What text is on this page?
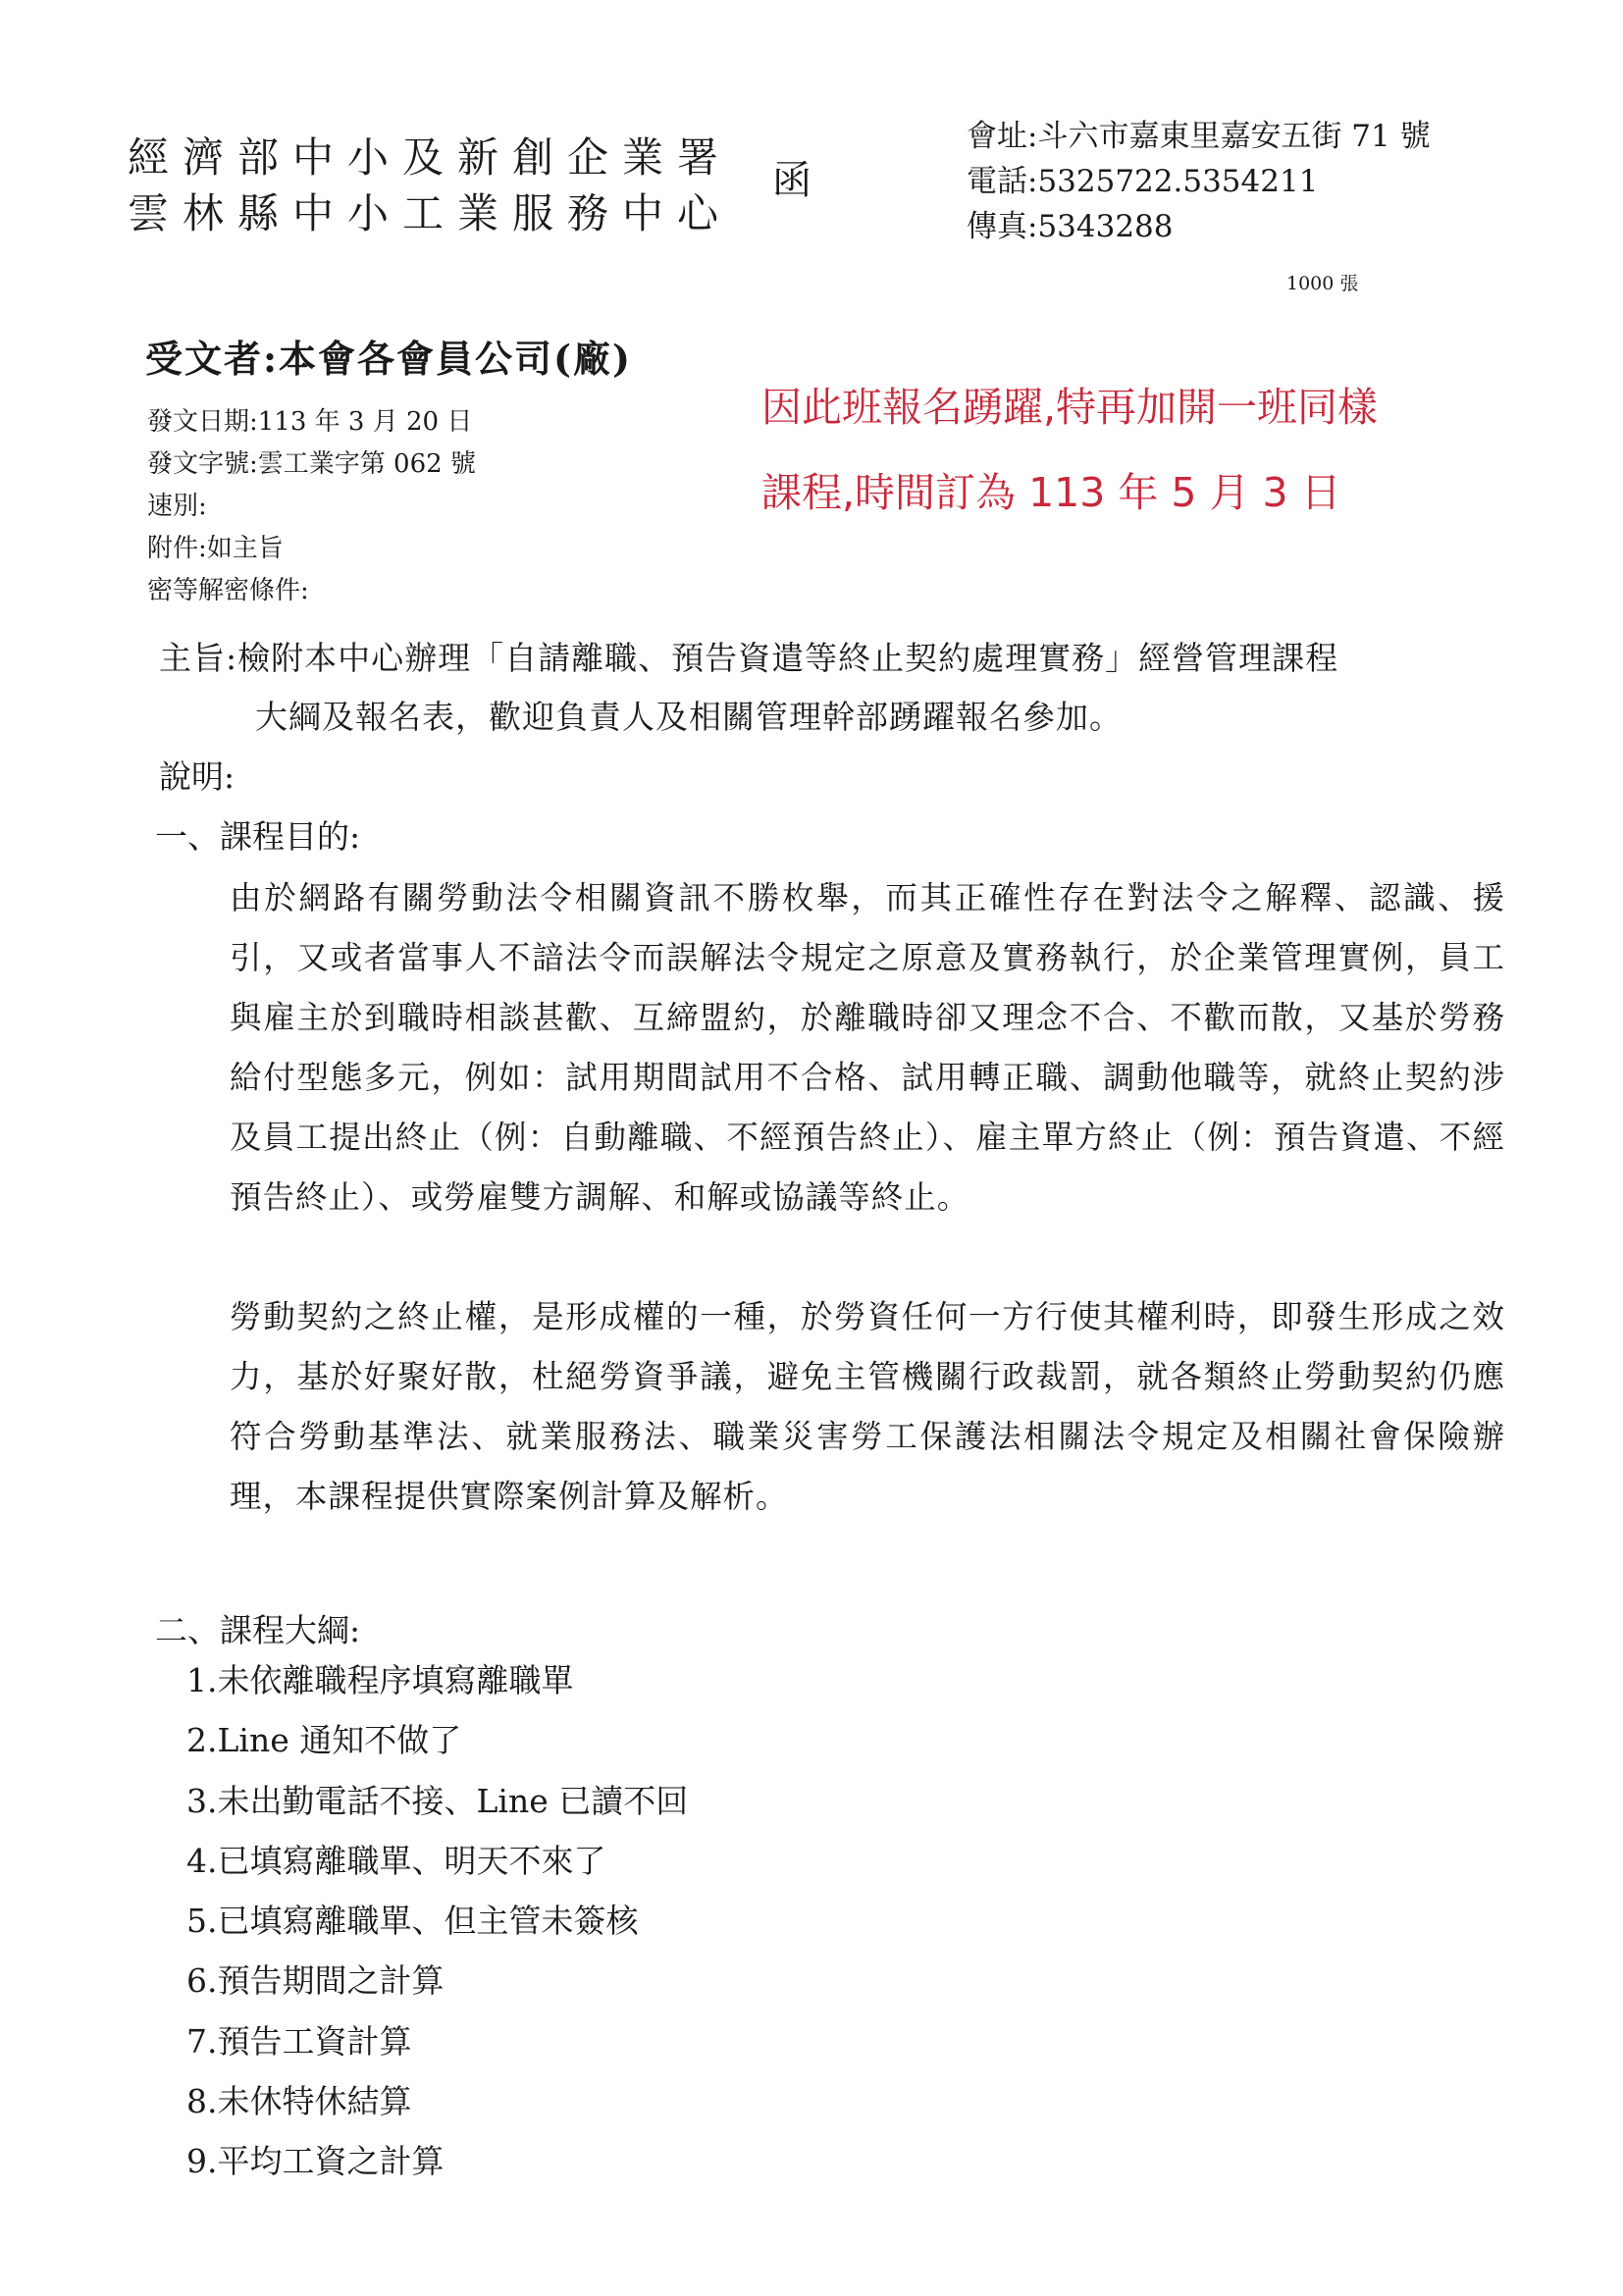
經濟部中小及新創企業署
雲林縣中小工業服務中心
函
會址:斗六市嘉東里嘉安五街 71 號
電話:5325722.5354211
傳真:5343288
1000 張
受文者:本會各會員公司(廠)
發文日期:113 年 3 月 20 日
發文字號:雲工業字第 062 號
速別:
附件:如主旨
密等解密條件:
因此班報名踴躍,特再加開一班同樣
課程,時間訂為 113 年 5 月 3 日
主旨:檢附本中心辦理「自請離職、預告資遣等終止契約處理實務」經營管理課程
大綱及報名表，歡迎負責人及相關管理幹部踴躍報名參加。
說明:
一、課程目的:
由於網路有關勞動法令相關資訊不勝枚舉，而其正確性存在對法令之解釋、認識、援引，又或者當事人不諳法令而誤解法令規定之原意及實務執行，於企業管理實例，員工與雇主於到職時相談甚歡、互締盟約，於離職時卻又理念不合、不歡而散，又基於勞務給付型態多元，例如：試用期間試用不合格、試用轉正職、調動他職等，就終止契約涉及員工提出終止（例：自動離職、不經預告終止）、雇主單方終止（例：預告資遣、不經預告終止）、或勞雇雙方調解、和解或協議等終止。
勞動契約之終止權，是形成權的一種，於勞資任何一方行使其權利時，即發生形成之效力，基於好聚好散，杜絕勞資爭議，避免主管機關行政裁罰，就各類終止勞動契約仍應符合勞動基準法、就業服務法、職業災害勞工保護法相關法令規定及相關社會保險辦理，本課程提供實際案例計算及解析。
二、課程大綱:
1.未依離職程序填寫離職單
2.Line 通知不做了
3.未出勤電話不接、Line 已讀不回
4.已填寫離職單、明天不來了
5.已填寫離職單、但主管未簽核
6.預告期間之計算
7.預告工資計算
8.未休特休結算
9.平均工資之計算
